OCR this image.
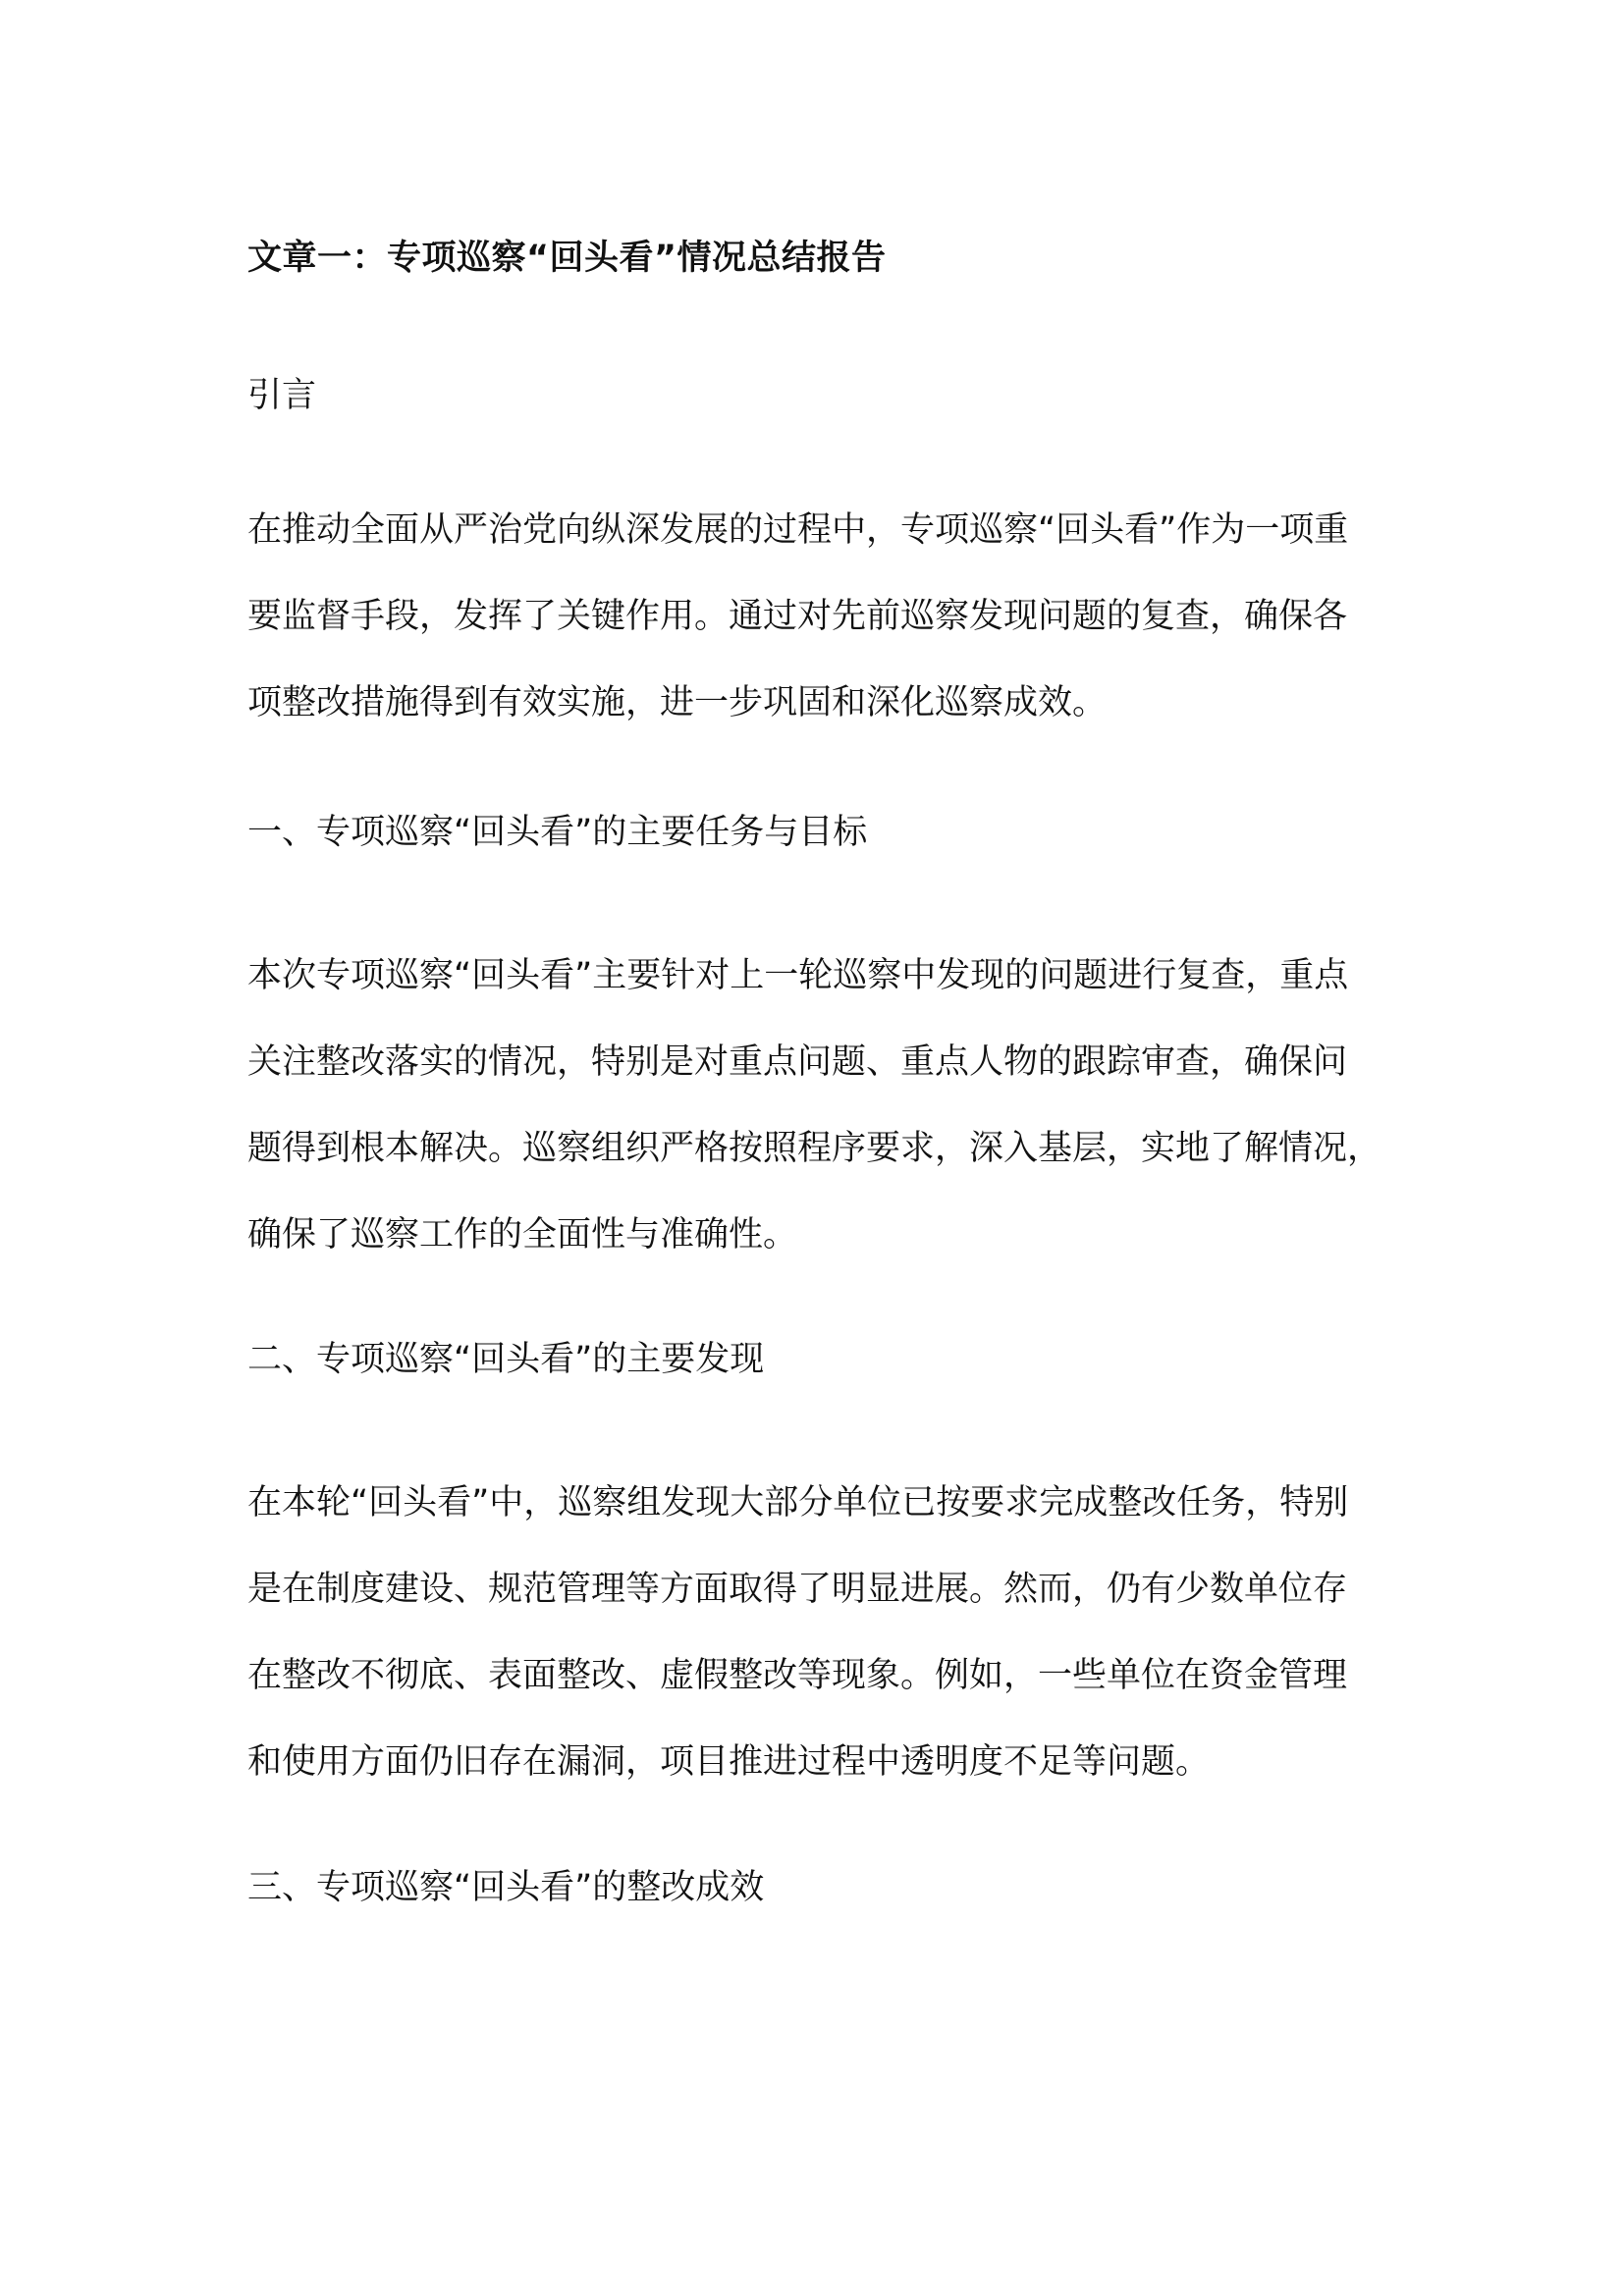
文章一：专项巡察“回头看”情况总结报告
引言

在推动全面从严治党向纵深发展的过程中，专项巡察“回头看”作为一项重
要监督手段，发挥了关键作用。通过对先前巡察发现问题的复查，确保各
项整改措施得到有效实施，进一步巩固和深化巡察成效。

一、专项巡察“回头看”的主要任务与目标

本次专项巡察“回头看”主要针对上一轮巡察中发现的问题进行复查，重点
关注整改落实的情况，特别是对重点问题、重点人物的跟踪审查，确保问
题得到根本解决。巡察组织严格按照程序要求，深入基层，实地了解情况，
确保了巡察工作的全面性与准确性。

二、专项巡察“回头看”的主要发现

在本轮“回头看”中，巡察组发现大部分单位已按要求完成整改任务，特别
是在制度建设、规范管理等方面取得了明显进展。然而，仍有少数单位存
在整改不彻底、表面整改、虚假整改等现象。例如，一些单位在资金管理
和使用方面仍旧存在漏洞，项目推进过程中透明度不足等问题。

三、专项巡察“回头看”的整改成效
